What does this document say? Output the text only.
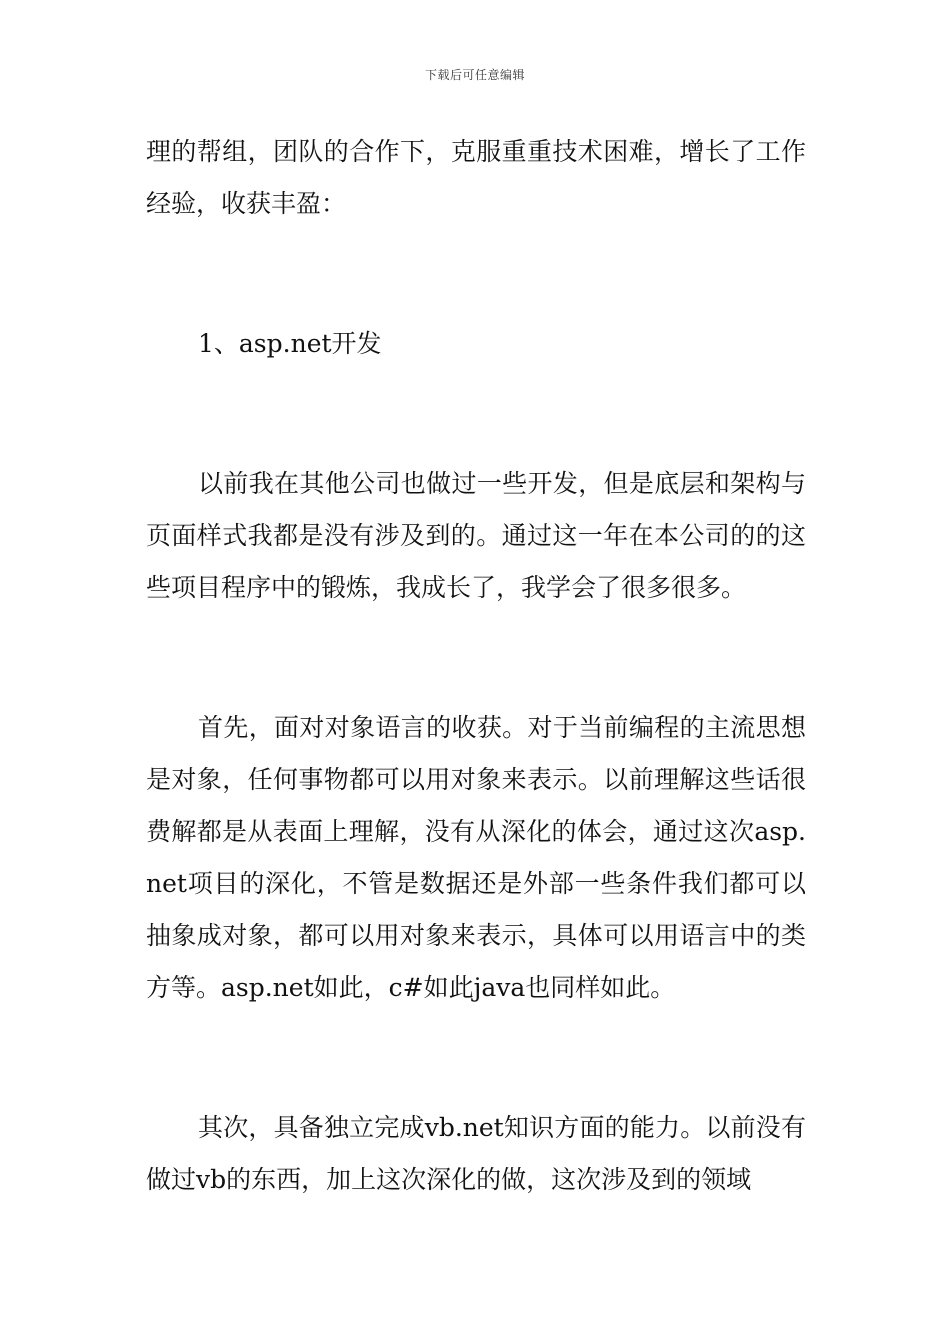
下载后可任意编辑

理的帮组，团队的合作下，克服重重技术困难，增长了工作经验，收获丰盈：

1、asp.net开发

以前我在其他公司也做过一些开发，但是底层和架构与页面样式我都是没有涉及到的。通过这一年在本公司的的这些项目程序中的锻炼，我成长了，我学会了很多很多。

首先，面对对象语言的收获。对于当前编程的主流思想是对象，任何事物都可以用对象来表示。以前理解这些话很费解都是从表面上理解，没有从深化的体会，通过这次asp.net项目的深化，不管是数据还是外部一些条件我们都可以抽象成对象，都可以用对象来表示，具体可以用语言中的类方等。asp.net如此，c#如此java也同样如此。

其次，具备独立完成vb.net知识方面的能力。以前没有做过vb的东西，加上这次深化的做，这次涉及到的领域
